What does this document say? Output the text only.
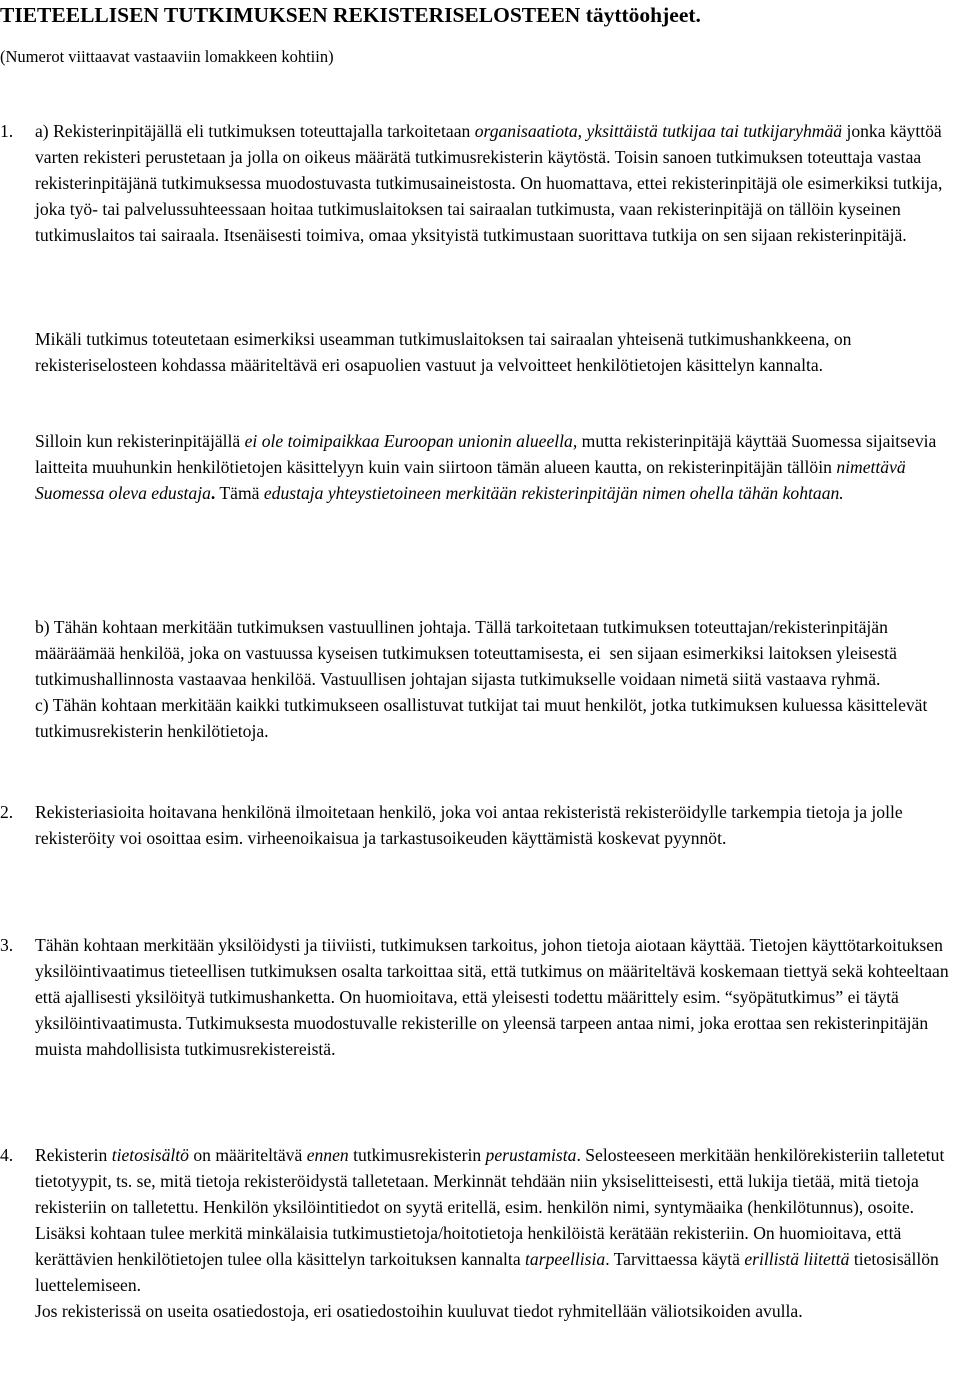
TIETEELLISEN TUTKIMUKSEN REKISTERISELOSTEEN täyttöohjeet.
(Numerot viittaavat vastaaviin lomakkeen kohtiin)
1. a) Rekisterinpitäjällä eli tutkimuksen toteuttajalla tarkoitetaan organisaatiota, yksittäistä tutkijaa tai tutkijaryhmää jonka käyttöä varten rekisteri perustetaan ja jolla on oikeus määrätä tutkimusrekisterin käytöstä. Toisin sanoen tutkimuksen toteuttaja vastaa rekisterinpitäjänä tutkimuksessa muodostuvasta tutkimusaineistosta. On huomattava, ettei rekisterinpitäjä ole esimerkiksi tutkija, joka työ- tai palvelussuhteessaan hoitaa tutkimuslaitoksen tai sairaalan tutkimusta, vaan rekisterinpitäjä on tällöin kyseinen tutkimuslaitos tai sairaala. Itsenäisesti toimiva, omaa yksityistä tutkimustaan suorittava tutkija on sen sijaan rekisterinpitäjä.

Mikäli tutkimus toteutetaan esimerkiksi useamman tutkimuslaitoksen tai sairaalan yhteisenä tutkimushankkeena, on rekisteriselosteen kohdassa määriteltävä eri osapuolien vastuut ja velvoitteet henkilötietojen käsittelyn kannalta.

Silloin kun rekisterinpitäjällä ei ole toimipaikkaa Euroopan unionin alueella, mutta rekisterinpitäjä käyttää Suomessa sijaitsevia laitteita muuhunkin henkilötietojen käsittelyyn kuin vain siirtoon tämän alueen kautta, on rekisterinpitäjän tällöin nimettävä Suomessa oleva edustaja. Tämä edustaja yhteystietoineen merkitään rekisterinpitäjän nimen ohella tähän kohtaan.

b) Tähän kohtaan merkitään tutkimuksen vastuullinen johtaja. Tällä tarkoitetaan tutkimuksen toteuttajan/rekisterinpitäjän määräämää henkilöä, joka on vastuussa kyseisen tutkimuksen toteuttamisesta, ei  sen sijaan esimerkiksi laitoksen yleisestä tutkimushallinnosta vastaavaa henkilöä. Vastuullisen johtajan sijasta tutkimukselle voidaan nimetä siitä vastaava ryhmä.

c) Tähän kohtaan merkitään kaikki tutkimukseen osallistuvat tutkijat tai muut henkilöt, jotka tutkimuksen kuluessa käsittelevät tutkimusrekisterin henkilötietoja.

2. Rekisteriasioita hoitavana henkilönä ilmoitetaan henkilö, joka voi antaa rekisteristä rekisteröidylle tarkempia tietoja ja jolle rekisteröity voi osoittaa esim. virheenoikaisua ja tarkastusoikeuden käyttämistä koskevat pyynnöt.

3. Tähän kohtaan merkitään yksilöidysti ja tiiviisti, tutkimuksen tarkoitus, johon tietoja aiotaan käyttää. Tietojen käyttötarkoituksen yksilöintivaatimus tieteellisen tutkimuksen osalta tarkoittaa sitä, että tutkimus on määriteltävä koskemaan tiettyä sekä kohteeltaan että ajallisesti yksilöityä tutkimushanketta. On huomioitava, että yleisesti todettu määrittely esim. “syöpätutkimus” ei täytä yksilöintivaatimusta. Tutkimuksesta muodostuvalle rekisterille on yleensä tarpeen antaa nimi, joka erottaa sen rekisterinpitäjän muista mahdollisista tutkimusrekistereistä.

4. Rekisterin tietosisältö on määriteltävä ennen tutkimusrekisterin perustamista. Selosteeseen merkitään henkilörekisteriin talletetut tietotyypit, ts. se, mitä tietoja rekisteröidystä talletetaan. Merkinnät tehdään niin yksiselitteisesti, että lukija tietää, mitä tietoja rekisteriin on talletettu. Henkilön yksilöintitiedot on syytä eritellä, esim. henkilön nimi, syntymäaika (henkilötunnus), osoite. Lisäksi kohtaan tulee merkitä minkälaisia tutkimustietoja/hoitotietoja henkilöistä kerätään rekisteriin. On huomioitava, että kerättävien henkilötietojen tulee olla käsittelyn tarkoituksen kannalta tarpeellisia. Tarvittaessa käytä erillistä liitettä tietosisällön luettelemiseen.

Jos rekisterissä on useita osatiedostoja, eri osatiedostoihin kuuluvat tiedot ryhmitellään väliotsikoiden avulla.
